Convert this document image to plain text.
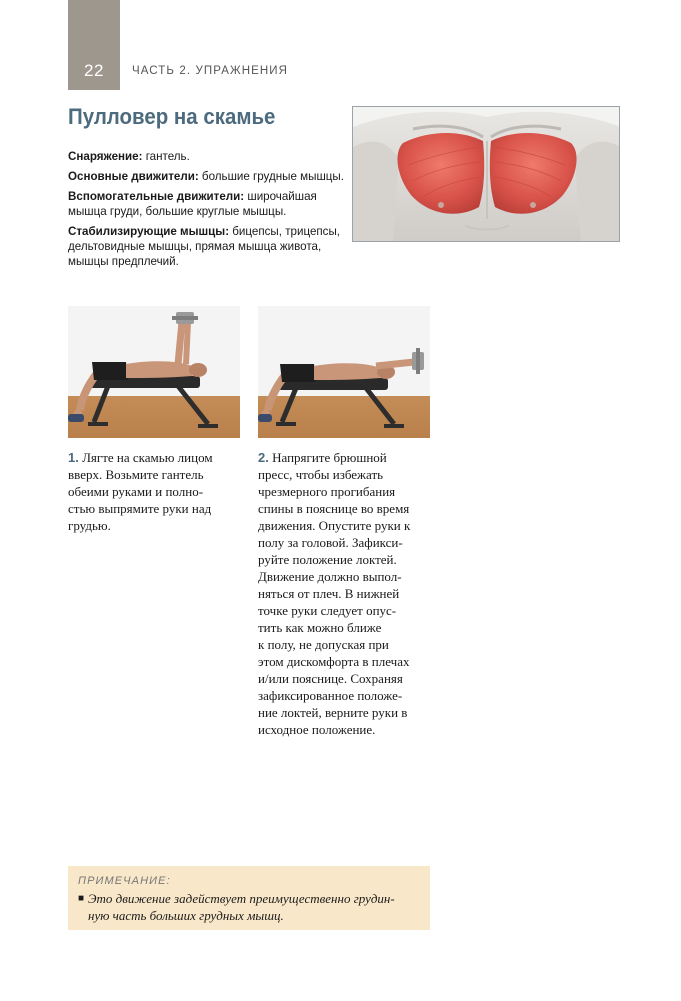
22 ЧАСТЬ 2. УПРАЖНЕНИЯ
Пулловер на скамье

Снаряжение: гантель.

Основные движители: большие грудные мышцы.

Вспомогательные движители: широчайшая мышца груди, большие круглые мышцы.

Стабилизирующие мышцы: бицепсы, трицепсы, дельтовидные мышцы, прямая мышца живота, мышцы предплечий.

1. Лягте на скамью лицом
вверх. Возьмите гантель
обеими руками и полно-
стью выпрямите руки над
грудью.
2. Напрягите брюшной
пресс, чтобы избежать
чрезмерного прогибания
спины в пояснице во время
движения. Опустите руки к
полу за головой. Зафикси-
руйте положение локтей.
Движение должно выпол-
няться от плеч. В нижней
точке руки следует опус-
тить как можно ближе
к полу, не допуская при
этом дискомфорта в плечах
и/или пояснице. Сохраняя
зафиксированное положе-
ние локтей, верните руки в
исходное положение.
ПРИМЕЧАНИЕ:
■ Это движение задействует преимущественно грудин-
ную часть больших грудных мышц.
